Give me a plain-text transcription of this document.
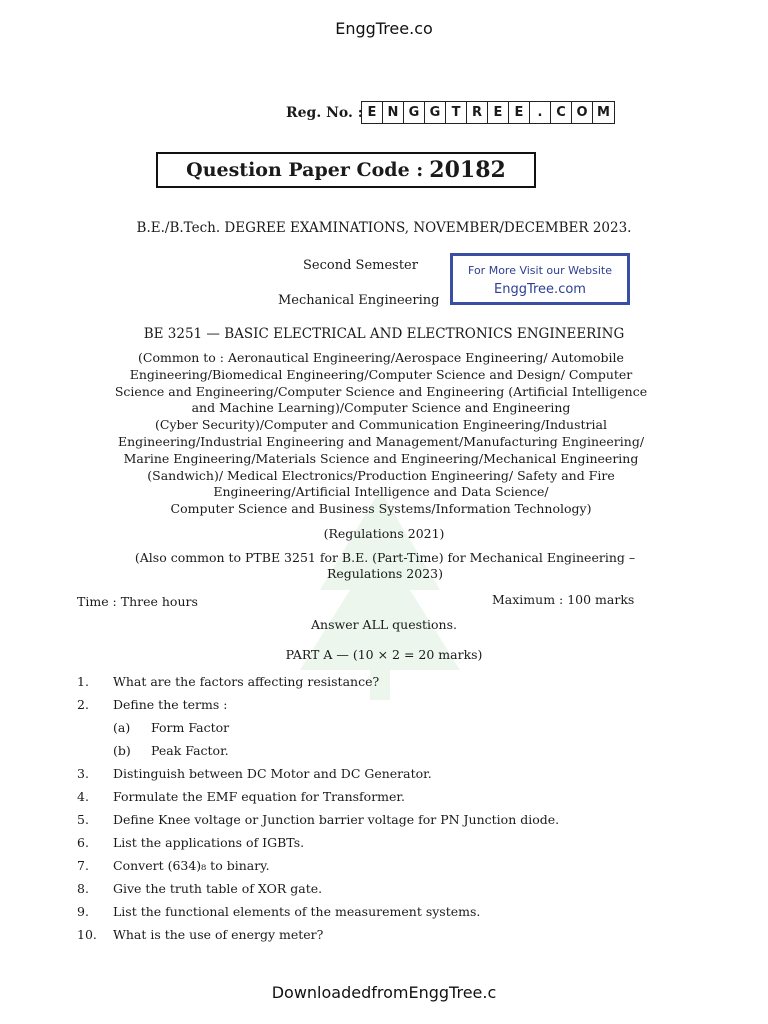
EnggTree.co
Reg. No. : E N G G T R E E	.	C O M
Question Paper Code : 20182
B.E./B.Tech. DEGREE EXAMINATIONS, NOVEMBER/DECEMBER 2023.
Second Semester
Mechanical Engineering
For More Visit our Website
EnggTree.com
BE 3251 — BASIC ELECTRICAL AND ELECTRONICS ENGINEERING
(Common to : Aeronautical Engineering/Aerospace Engineering/ Automobile
Engineering/Biomedical Engineering/Computer Science and Design/ Computer
Science and Engineering/Computer Science and Engineering (Artificial Intelligence
and Machine Learning)/Computer Science and Engineering
(Cyber Security)/Computer and Communication Engineering/Industrial
Engineering/Industrial Engineering and Management/Manufacturing Engineering/
Marine Engineering/Materials Science and Engineering/Mechanical Engineering
(Sandwich)/ Medical Electronics/Production Engineering/ Safety and Fire
Engineering/Artificial Intelligence and Data Science/
Computer Science and Business Systems/Information Technology)
(Regulations 2021)
(Also common to PTBE 3251 for B.E. (Part-Time) for Mechanical Engineering –
Regulations 2023)
Time : Three hours	Maximum : 100 marks
Answer ALL questions.
PART A — (10 × 2 = 20 marks)
1. What are the factors affecting resistance?
2. Define the terms :
(a) Form Factor
(b) Peak Factor.
3. Distinguish between DC Motor and DC Generator.
4. Formulate the EMF equation for Transformer.
5. Define Knee voltage or Junction barrier voltage for PN Junction diode.
6. List the applications of IGBTs.
7. Convert (634)₈ to binary.
8. Give the truth table of XOR gate.
9. List the functional elements of the measurement systems.
10. What is the use of energy meter?
DownloadedfromEnggTree.c
